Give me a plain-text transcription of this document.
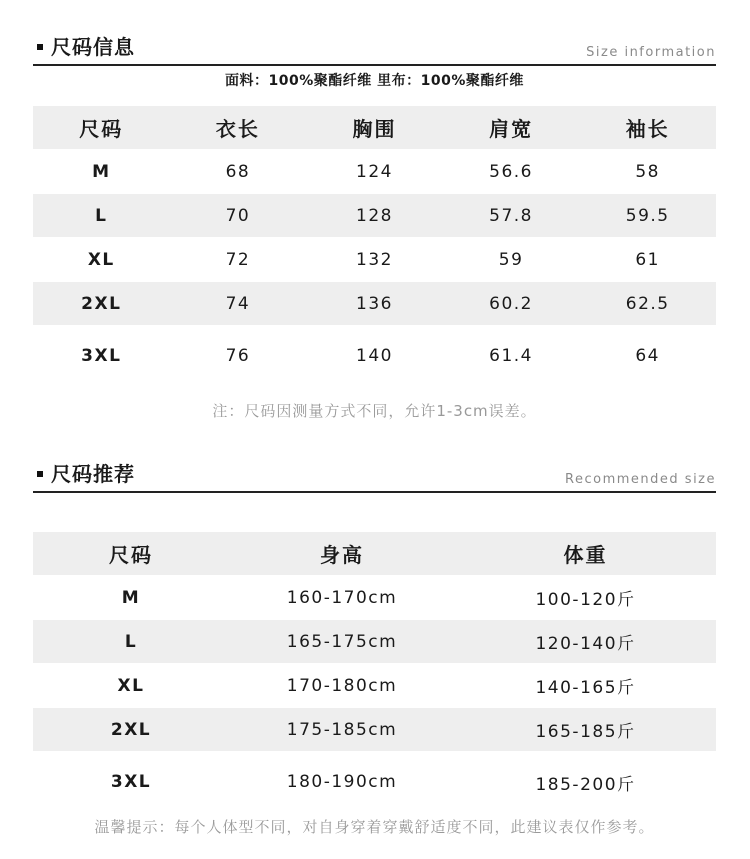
尺码信息	Size information
面料：100%聚酯纤维 里布：100%聚酯纤维
尺码	衣长	胸围	肩宽	袖长
M	68	124	56.6	58
L	70	128	57.8	59.5
XL	72	132	59	61
2XL	74	136	60.2	62.5
3XL	76	140	61.4	64
注：尺码因测量方式不同，允许1-3cm误差。
尺码推荐	Recommended size
尺码	身高	体重
M	160-170cm	100-120斤
L	165-175cm	120-140斤
XL	170-180cm	140-165斤
2XL	175-185cm	165-185斤
3XL	180-190cm	185-200斤
温馨提示：每个人体型不同，对自身穿着穿戴舒适度不同，此建议表仅作参考。
